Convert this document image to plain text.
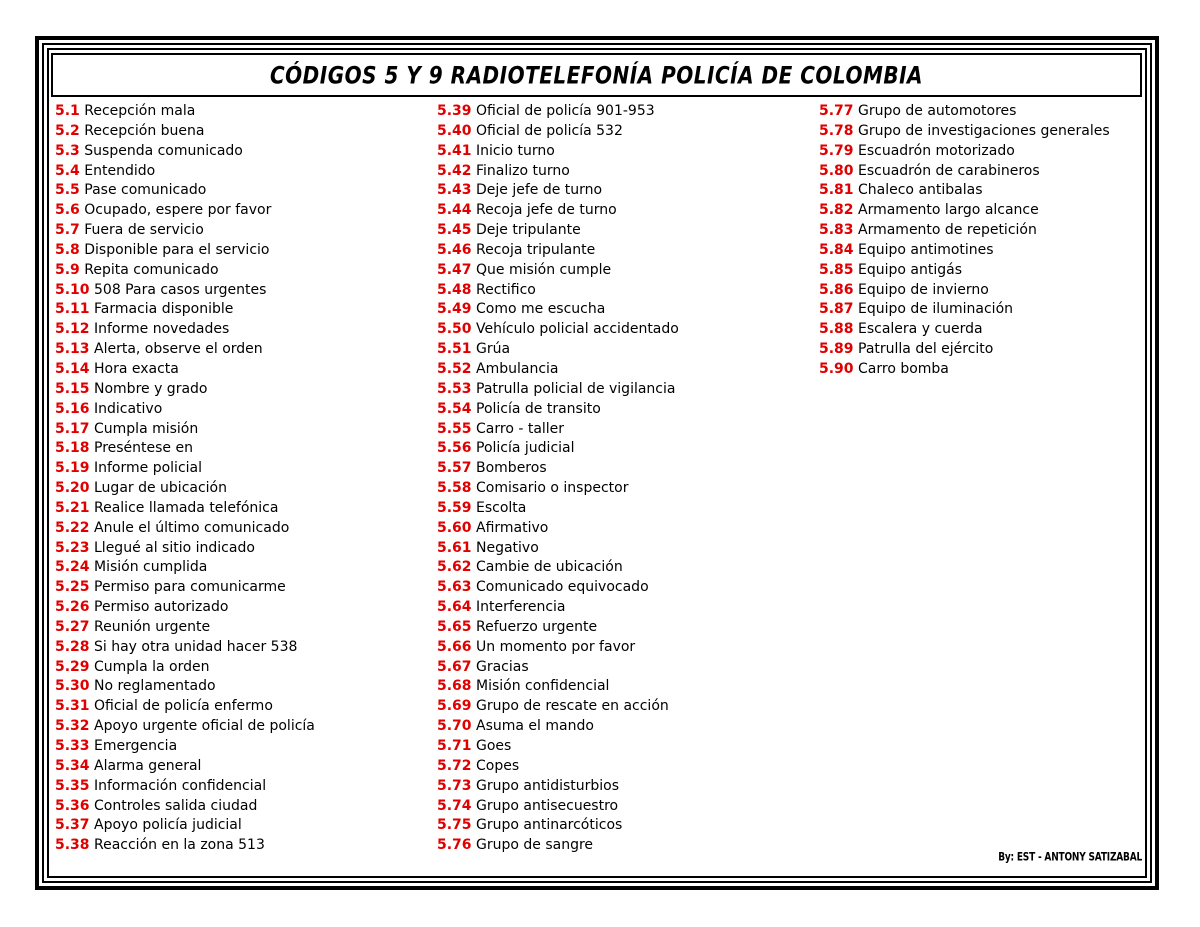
CÓDIGOS 5 Y 9 RADIOTELEFONÍA POLICÍA DE COLOMBIA
5.1 Recepción mala
5.2 Recepción buena
5.3 Suspenda comunicado
5.4 Entendido
5.5 Pase comunicado
5.6 Ocupado, espere por favor
5.7 Fuera de servicio
5.8 Disponible para el servicio
5.9 Repita comunicado
5.10 508 Para casos urgentes
5.11 Farmacia disponible
5.12 Informe novedades
5.13 Alerta, observe el orden
5.14 Hora exacta
5.15 Nombre y grado
5.16 Indicativo
5.17 Cumpla misión
5.18 Preséntese en
5.19 Informe policial
5.20 Lugar de ubicación
5.21 Realice llamada telefónica
5.22 Anule el último comunicado
5.23 Llegué al sitio indicado
5.24 Misión cumplida
5.25 Permiso para comunicarme
5.26 Permiso autorizado
5.27 Reunión urgente
5.28 Si hay otra unidad hacer 538
5.29 Cumpla la orden
5.30 No reglamentado
5.31 Oficial de policía enfermo
5.32 Apoyo urgente oficial de policía
5.33 Emergencia
5.34 Alarma general
5.35 Información confidencial
5.36 Controles salida ciudad
5.37 Apoyo policía judicial
5.38 Reacción en la zona 513
5.39 Oficial de policía 901-953
5.40 Oficial de policía 532
5.41 Inicio turno
5.42 Finalizo turno
5.43 Deje jefe de turno
5.44 Recoja jefe de turno
5.45 Deje tripulante
5.46 Recoja tripulante
5.47 Que misión cumple
5.48 Rectifico
5.49 Como me escucha
5.50 Vehículo policial accidentado
5.51 Grúa
5.52 Ambulancia
5.53 Patrulla policial de vigilancia
5.54 Policía de transito
5.55 Carro - taller
5.56 Policía judicial
5.57 Bomberos
5.58 Comisario o inspector
5.59 Escolta
5.60 Afirmativo
5.61 Negativo
5.62 Cambie de ubicación
5.63 Comunicado equivocado
5.64 Interferencia
5.65 Refuerzo urgente
5.66 Un momento por favor
5.67 Gracias
5.68 Misión confidencial
5.69 Grupo de rescate en acción
5.70 Asuma el mando
5.71 Goes
5.72 Copes
5.73 Grupo antidisturbios
5.74 Grupo antisecuestro
5.75 Grupo antinarcóticos
5.76 Grupo de sangre
5.77 Grupo de automotores
5.78 Grupo de investigaciones generales
5.79 Escuadrón motorizado
5.80 Escuadrón de carabineros
5.81 Chaleco antibalas
5.82 Armamento largo alcance
5.83 Armamento de repetición
5.84 Equipo antimotines
5.85 Equipo antigás
5.86 Equipo de invierno
5.87 Equipo de iluminación
5.88 Escalera y cuerda
5.89 Patrulla del ejército
5.90 Carro bomba
By: EST - ANTONY SATIZABAL
